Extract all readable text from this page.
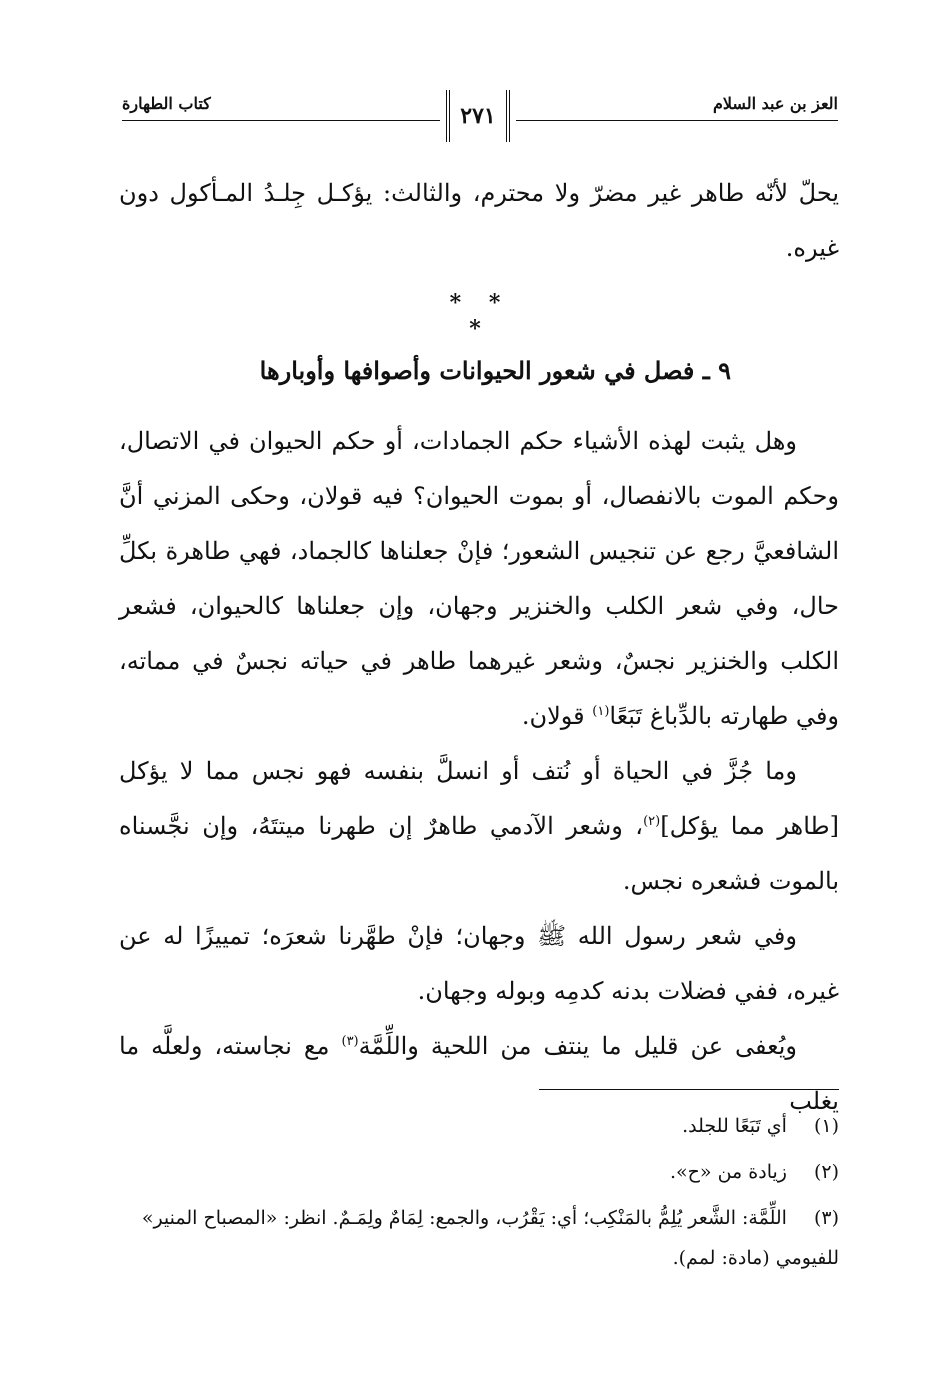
العز بن عبد السلام
كتاب الطهارة	٢٧١

يحلّ لأنّه طاهر غير مضرّ ولا محترم، والثالث: يؤكـل جِلـدُ المـأكول دون غيره.

* * *
٩ ـ فصل في شعور الحيوانات وأصوافها وأوبارها

وهل يثبت لهذه الأشياء حكم الجمادات، أو حكم الحيوان في الاتصال، وحكم الموت بالانفصال، أو بموت الحيوان؟ فيه قولان، وحكى المزني أنَّ الشافعيَّ رجع عن تنجيس الشعور؛ فإنْ جعلناها كالجماد، فهي طاهرة بكلِّ حال، وفي شعر الكلب والخنزير وجهان، وإن جعلناها كالحيوان، فشعر الكلب والخنزير نجسٌ، وشعر غيرهما طاهر في حياته نجسٌ في مماته، وفي طهارته بالدِّباغ تَبَعًا$^{(١)}$ قولان.

وما جُزَّ في الحياة أو نُتف أو انسلَّ بنفسه فهو نجس مما لا يؤكل [طاهر مما يؤكل]$^{(٢)}$، وشعر الآدمي طاهرٌ إن طهرنا ميتتَهُ، وإن نجَّسناه بالموت فشعره نجس.

وفي شعر رسول الله ﷺ وجهان؛ فإنْ طهَّرنا شعرَه؛ تمييزًا له عن غيره، ففي فضلات بدنه كدمِه وبوله وجهان.

ويُعفى عن قليل ما ينتف من اللحية واللِّمَّة$^{(٣)}$ مع نجاسته، ولعلَّه ما يغلب

(١) أي تَبَعًا للجلد.
(٢) زيادة من «ح».
(٣) اللِّمَّة: الشَّعر يُلِمُّ بالمَنْكِب؛ أي: يَقْرُب، والجمع: لِمَامٌ ولِمَـمٌ. انظر: «المصباح المنير» للفيومي (مادة: لمم).
